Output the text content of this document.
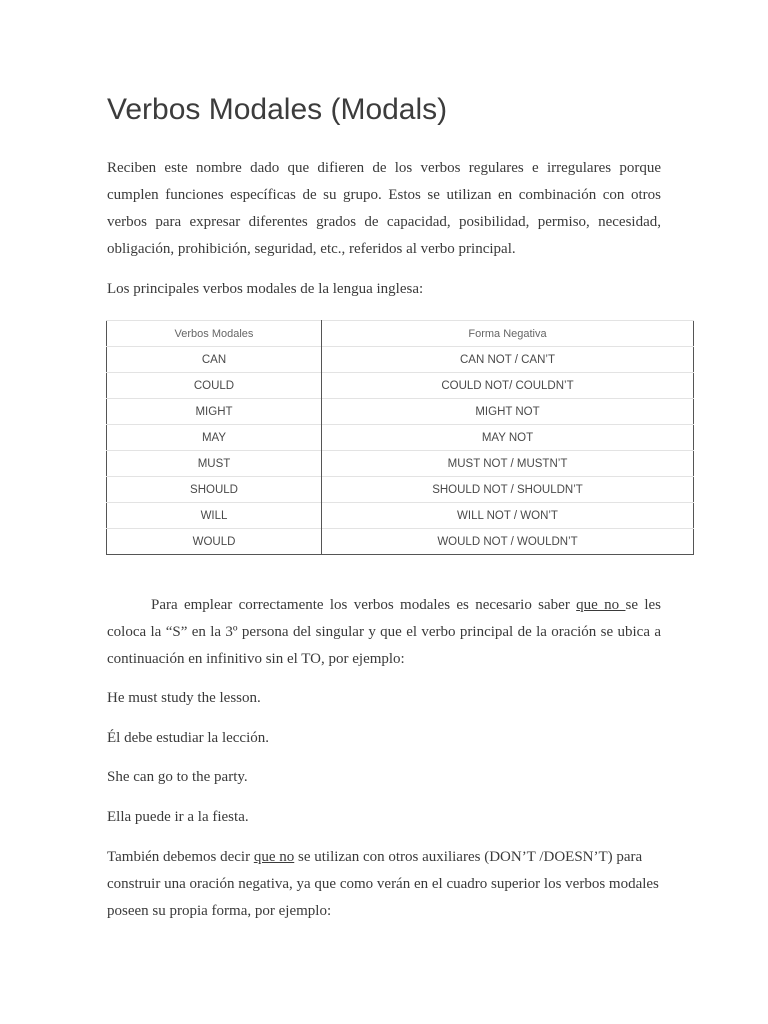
Verbos Modales (Modals)

Reciben este nombre dado que difieren de los verbos regulares e irregulares porque cumplen funciones específicas de su grupo. Estos se utilizan en combinación con otros verbos para expresar diferentes grados de capacidad, posibilidad, permiso, necesidad, obligación, prohibición, seguridad, etc., referidos al verbo principal.

Los principales verbos modales de la lengua inglesa:

Para emplear correctamente los verbos modales es necesario saber que no se les coloca la “S” en la 3º persona del singular y que el verbo principal de la oración se ubica a continuación en infinitivo sin el TO, por ejemplo:

He must study the lesson.

Él debe estudiar la lección.

She can go to the party.

Ella puede ir a la fiesta.

También debemos decir que no se utilizan con otros auxiliares (DON’T /DOESN’T) para construir una oración negativa, ya que como verán en el cuadro superior los verbos modales poseen su propia forma, por ejemplo:

Verbos Modales	Forma Negativa
CAN	CAN NOT / CAN’T
COULD	COULD NOT/ COULDN’T
MIGHT	MIGHT NOT
MAY	MAY NOT
MUST	MUST NOT / MUSTN’T
SHOULD	SHOULD NOT / SHOULDN’T
WILL	WILL NOT / WON’T
WOULD	WOULD NOT / WOULDN’T
